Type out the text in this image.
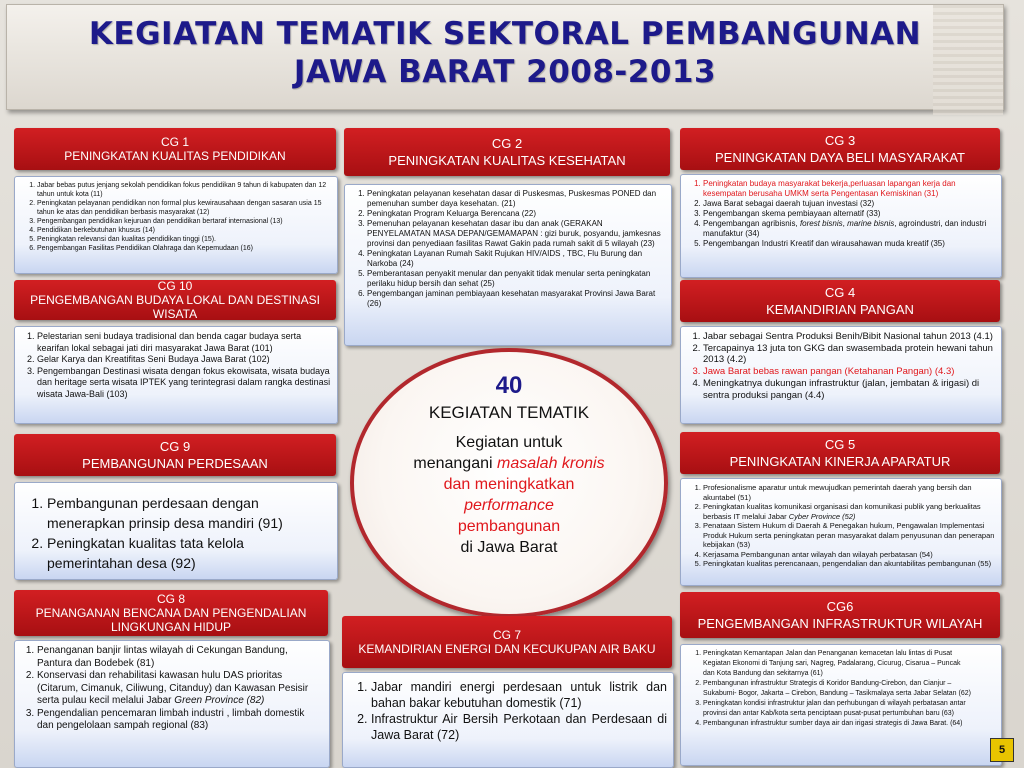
KEGIATAN TEMATIK SEKTORAL PEMBANGUNAN
JAWA BARAT 2008-2013
CG 1
PENINGKATAN KUALITAS PENDIDIKAN
1. Jabar bebas putus jenjang sekolah pendidikan fokus pendidikan 9 tahun di kabupaten dan 12 tahun untuk kota (11)
2. Peningkatan pelayanan pendidikan non formal plus kewirausahaan dengan sasaran usia 15 tahun ke atas dan pendidikan berbasis masyarakat (12)
3. Pengembangan pendidikan kejuruan dan pendidikan bertaraf internasional (13)
4. Pendidikan berkebutuhan khusus (14)
5. Peningkatan relevansi dan kualitas pendidikan tinggi (15).
6. Pengembangan Fasilitas Pendidikan Olahraga dan Kepemudaan (16)
CG 2
PENINGKATAN KUALITAS KESEHATAN
1. Peningkatan pelayanan kesehatan dasar di Puskesmas, Puskesmas PONED dan pemenuhan sumber daya kesehatan. (21)
2. Peningkatan Program Keluarga Berencana (22)
3. Pemenuhan pelayanan kesehatan dasar ibu dan anak (GERAKAN PENYELAMATAN MASA DEPAN/GEMAMAPAN : gizi buruk, posyandu, jamkesnas provinsi dan penyediaan fasilitas Rawat Gakin pada rumah sakit di 5 wilayah (23)
4. Peningkatan Layanan Rumah Sakit Rujukan HIV/AIDS , TBC, Flu Burung dan Narkoba (24)
5. Pemberantasan penyakit menular dan penyakit tidak menular serta peningkatan perilaku hidup bersih dan sehat (25)
6. Pengembangan jaminan pembiayaan kesehatan masyarakat Provinsi Jawa Barat (26)
CG 3
PENINGKATAN DAYA BELI MASYARAKAT
1. Peningkatan budaya masyarakat bekerja,perluasan lapangan kerja dan kesempatan berusaha UMKM serta Pengentasan Kemiskinan (31)
2. Jawa Barat sebagai daerah tujuan investasi (32)
3. Pengembangan skema pembiayaan alternatif (33)
4. Pengembangan agribisnis, forest bisnis, marine bisnis, agroindustri, dan industri manufaktur (34)
5. Pengembangan Industri Kreatif dan wirausahawan muda kreatif (35)
CG 10
PENGEMBANGAN BUDAYA LOKAL DAN DESTINASI WISATA
1. Pelestarian seni budaya tradisional dan benda cagar budaya serta kearifan lokal sebagai jati diri masyarakat Jawa Barat (101)
2. Gelar Karya dan Kreatifitas Seni Budaya Jawa Barat (102)
3. Pengembangan Destinasi wisata dengan fokus ekowisata, wisata budaya dan heritage serta wisata IPTEK yang terintegrasi dalam rangka destinasi wisata Jawa-Bali (103)
CG 4
KEMANDIRIAN PANGAN
1. Jabar sebagai Sentra Produksi Benih/Bibit Nasional tahun 2013 (4.1)
2. Tercapainya 13 juta ton GKG dan swasembada protein hewani tahun 2013 (4.2)
3. Jawa Barat bebas rawan pangan (Ketahanan Pangan) (4.3)
4. Meningkatnya dukungan infrastruktur (jalan, jembatan & irigasi) di sentra produksi pangan (4.4)
40
KEGIATAN TEMATIK
Kegiatan untuk
menangani masalah kronis
dan meningkatkan
performance
pembangunan
di Jawa Barat
CG 9
PEMBANGUNAN PERDESAAN
1. Pembangunan perdesaan dengan menerapkan prinsip desa mandiri (91)
2. Peningkatan kualitas tata kelola pemerintahan desa (92)
CG 5
PENINGKATAN KINERJA APARATUR
1. Profesionalisme aparatur untuk mewujudkan pemerintah daerah yang bersih dan akuntabel (51)
2. Peningkatan kualitas komunikasi organisasi dan komunikasi publik yang berkualitas berbasis IT melalui Jabar Cyber Province (52)
3. Penataan Sistem Hukum di Daerah & Penegakan hukum, Pengawalan Implementasi Produk Hukum serta peningkatan peran masyarakat dalam penyusunan dan penerapan kebijakan (53)
4. Kerjasama Pembangunan antar wilayah dan wilayah perbatasan (54)
5. Peningkatan kualitas perencanaan, pengendalian dan akuntabilitas pembangunan (55)
CG 8
PENANGANAN BENCANA DAN PENGENDALIAN LINGKUNGAN HIDUP
1. Penanganan banjir lintas wilayah di Cekungan Bandung, Pantura dan Bodebek (81)
2. Konservasi dan rehabilitasi kawasan hulu DAS prioritas (Citarum, Cimanuk, Ciliwung, Citanduy) dan Kawasan Pesisir serta pulau kecil melalui Jabar Green Province (82)
3. Pengendalian pencemaran limbah industri , limbah domestik dan pengelolaan sampah regional (83)
CG 7
KEMANDIRIAN ENERGI DAN KECUKUPAN AIR BAKU
1. Jabar mandiri energi perdesaan untuk listrik dan bahan bakar kebutuhan domestik (71)
2. Infrastruktur Air Bersih Perkotaan dan Perdesaan di Jawa Barat (72)
CG6
PENGEMBANGAN INFRASTRUKTUR WILAYAH
1. Peningkatan Kemantapan Jalan dan Penanganan kemacetan lalu lintas di Pusat Kegiatan Ekonomi di Tanjung sari, Nagreg, Padalarang, Cicurug, Cisarua – Puncak dan Kota Bandung dan sekitarnya (61)
2. Pembangunan infrastruktur Strategis di Koridor Bandung-Cirebon, dan Cianjur – Sukabumi- Bogor, Jakarta – Cirebon, Bandung – Tasikmalaya serta Jabar Selatan (62)
3. Peningkatan kondisi infrastruktur jalan dan perhubungan di wilayah perbatasan antar provinsi dan antar Kab/kota serta penciptaan pusat-pusat pertumbuhan baru (63)
4. Pembangunan infrastruktur sumber daya air dan irigasi strategis di Jawa Barat. (64)
5
